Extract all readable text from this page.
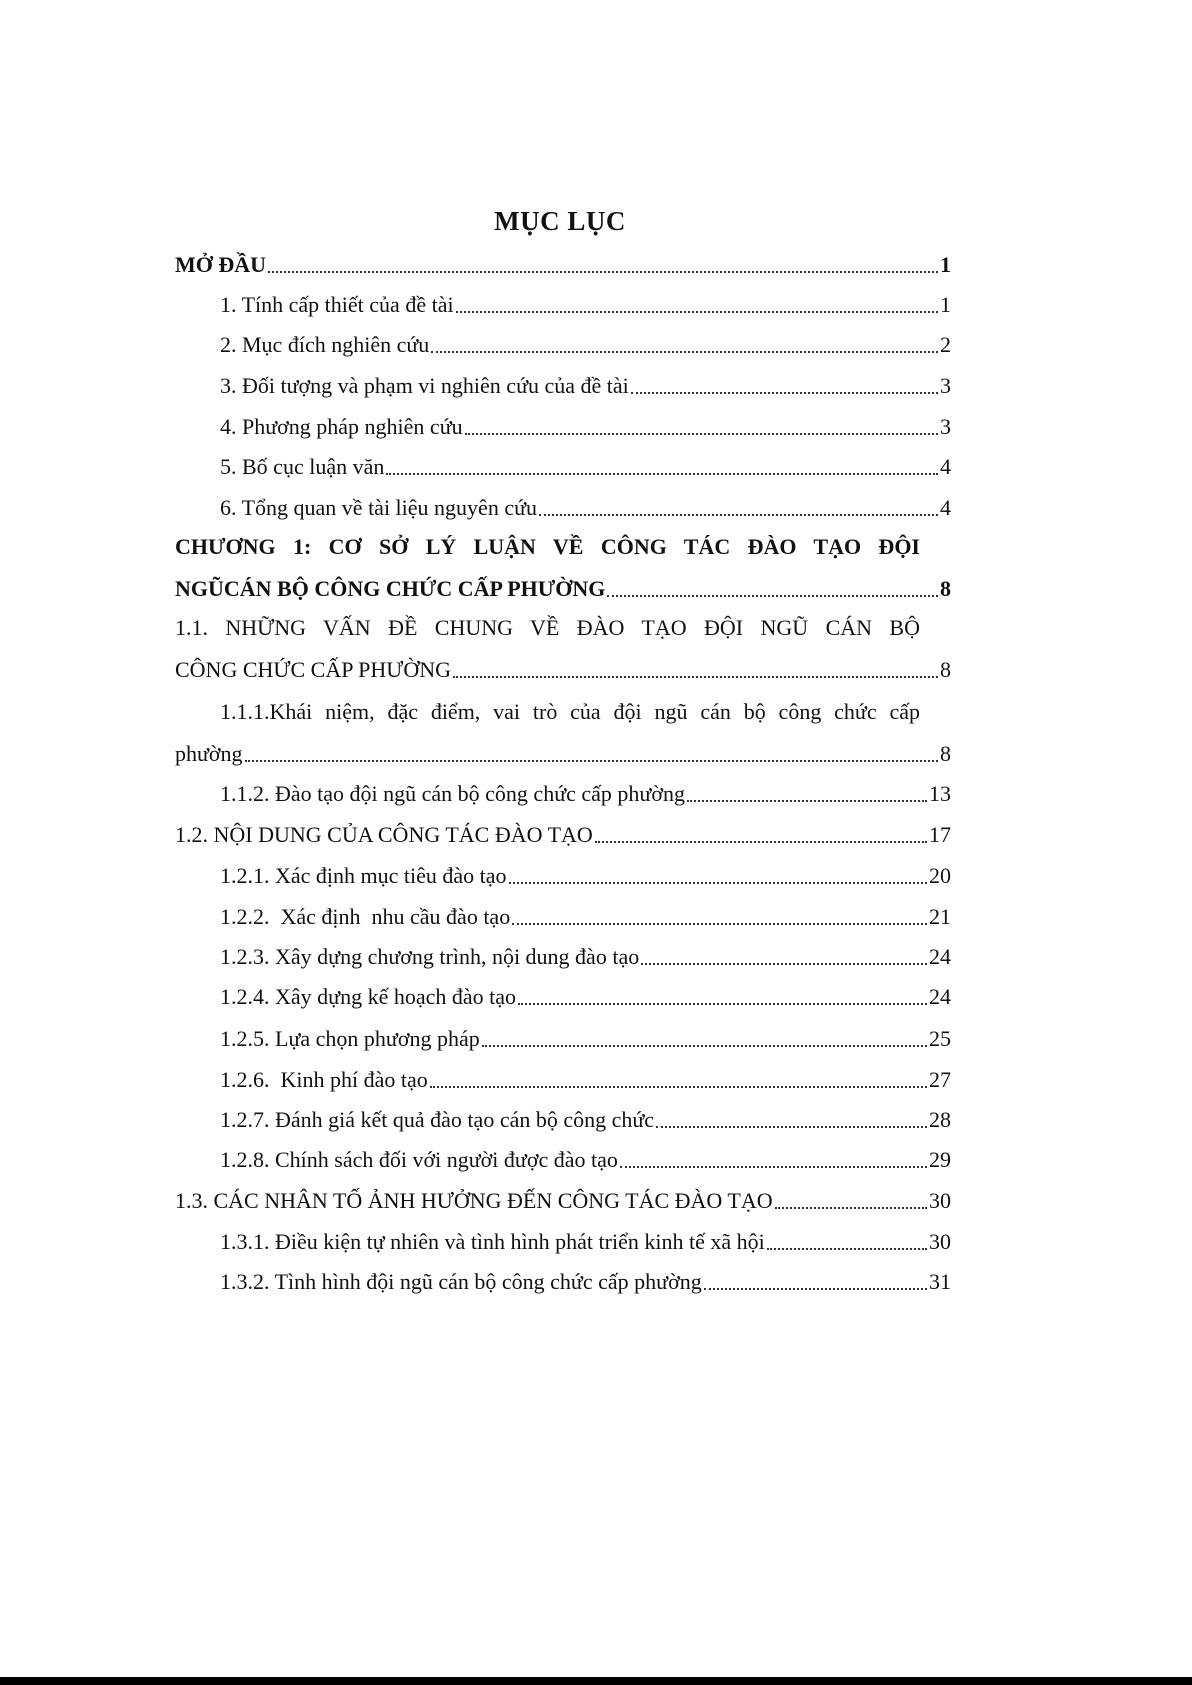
MỤC LỤC
MỞ ĐẦU	1
1. Tính cấp thiết của đề tài	1
2. Mục đích nghiên cứu	2
3. Đối tượng và phạm vi nghiên cứu của đề tài	3
4. Phương pháp nghiên cứu	3
5. Bố cục luận văn	4
6. Tổng quan về tài liệu nguyên cứu	4
CHƯƠNG 1: CƠ SỞ LÝ LUẬN VỀ CÔNG TÁC ĐÀO TẠO ĐỘI
NGŨCÁN BỘ CÔNG CHỨC CẤP PHƯỜNG	8
1.1. NHỮNG VẤN ĐỀ CHUNG VỀ ĐÀO TẠO ĐỘI NGŨ CÁN BỘ
CÔNG CHỨC CẤP PHƯỜNG	8
1.1.1.Khái niệm, đặc điểm, vai trò của đội ngũ cán bộ công chức cấp
phường	8
1.1.2. Đào tạo đội ngũ cán bộ công chức cấp phường	13
1.2. NỘI DUNG CỦA CÔNG TÁC ĐÀO TẠO	17
1.2.1. Xác định mục tiêu đào tạo	20
1.2.2.  Xác định  nhu cầu đào tạo	21
1.2.3. Xây dựng chương trình, nội dung đào tạo	24
1.2.4. Xây dựng kế hoạch đào tạo	24
1.2.5. Lựa chọn phương pháp	25
1.2.6.  Kinh phí đào tạo	27
1.2.7. Đánh giá kết quả đào tạo cán bộ công chức	28
1.2.8. Chính sách đối với người được đào tạo	29
1.3. CÁC NHÂN TỐ ẢNH HƯỞNG ĐẾN CÔNG TÁC ĐÀO TẠO	30
1.3.1. Điều kiện tự nhiên và tình hình phát triển kinh tế xã hội	30
1.3.2. Tình hình đội ngũ cán bộ công chức cấp phường	31
